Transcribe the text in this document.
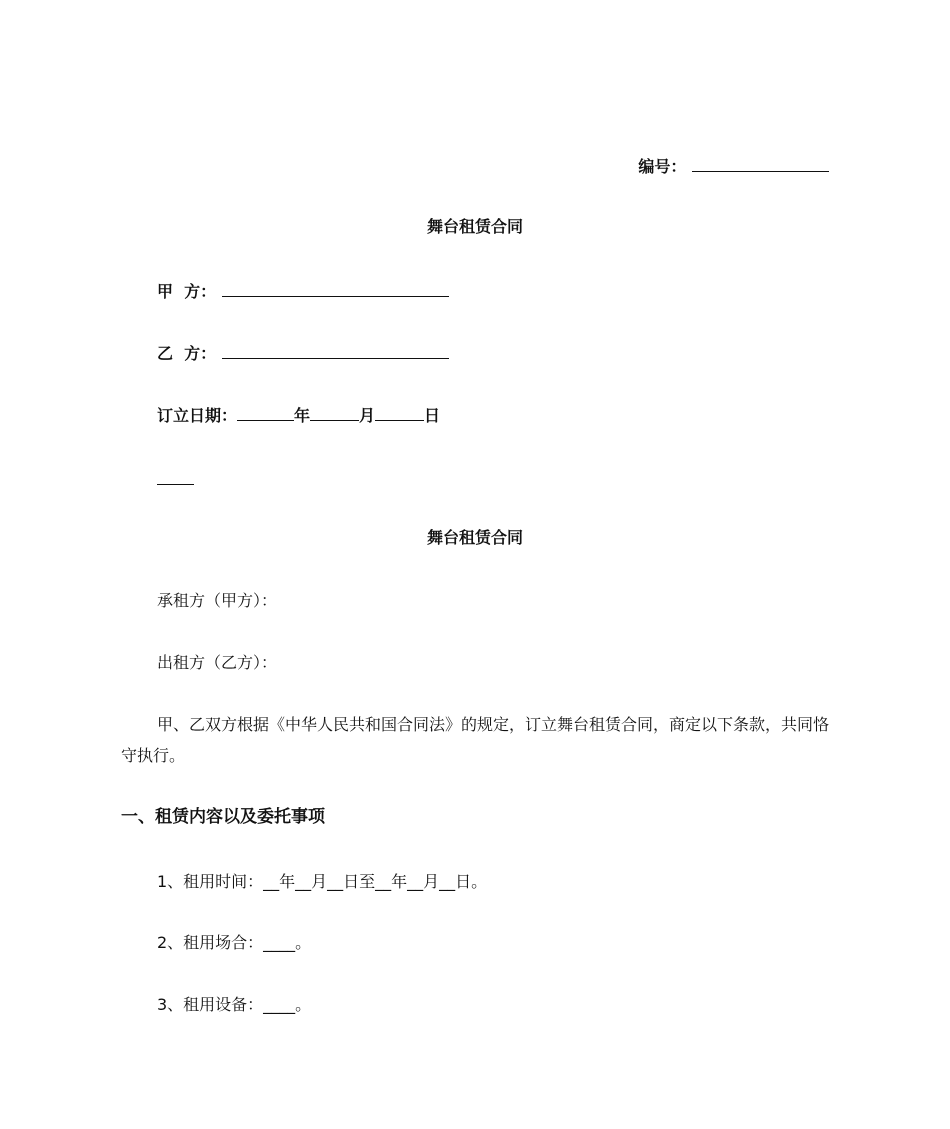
编号：
舞台租赁合同
甲  方：
乙  方：
订立日期：	年	月	日
舞台租赁合同
承租方（甲方）：
出租方（乙方）：
甲、乙双方根据《中华人民共和国合同法》的规定，订立舞台租赁合同，商定以下条款，共同恪守执行。
一、租赁内容以及委托事项
1、租用时间：__年__月__日至__年__月__日。
2、租用场合：____。
3、租用设备：____。
